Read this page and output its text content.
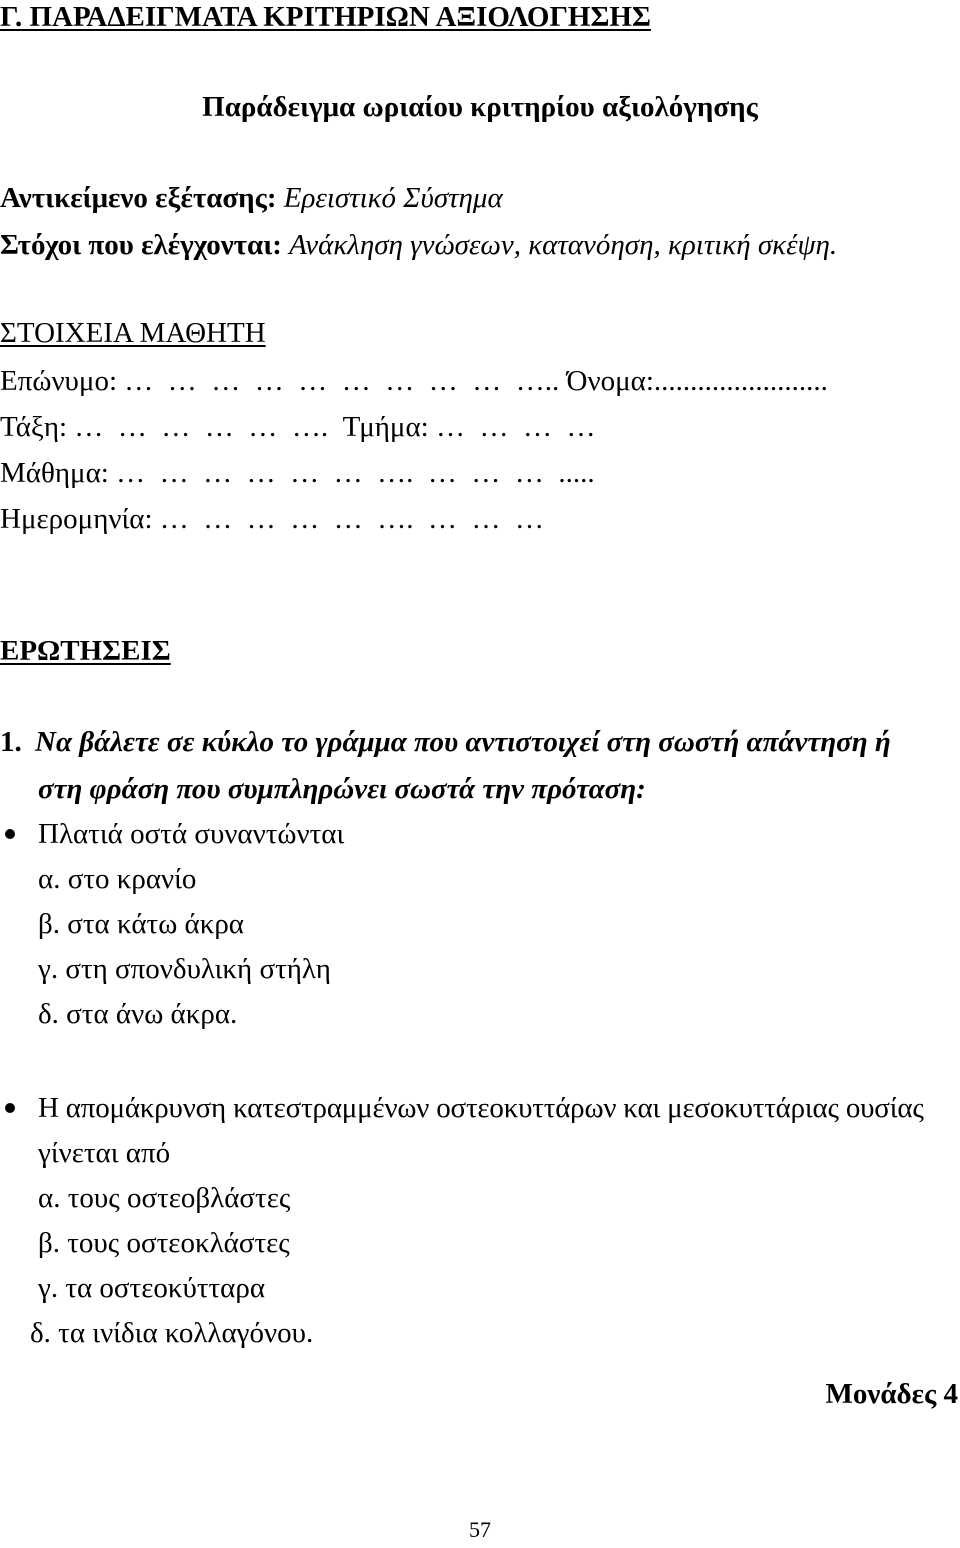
Γ. ΠΑΡΑΔΕΙΓΜΑΤΑ ΚΡΙΤΗΡΙΩΝ ΑΞΙΟΛΟΓΗΣΗΣ
Παράδειγμα ωριαίου κριτηρίου αξιολόγησης
Αντικείμενο εξέτασης: Ερειστικό Σύστημα
Στόχοι που ελέγχονται: Ανάκληση γνώσεων, κατανόηση, κριτική σκέψη.
ΣΤΟΙΧΕΙΑ ΜΑΘΗΤΗ
Επώνυμο: …  …  …  …  …  …  …  …  …  ….. Όνομα:........................
Τάξη: …  …  …  …  …  ….  Τμήμα: …  …  …  …
Μάθημα: …  …  …  …  …  …  ….  …  …  …  .....
Ημερομηνία: …  …  …  …  …  ….  …  …  …
ΕΡΩΤΗΣΕΙΣ
1. Να βάλετε σε κύκλο το γράμμα που αντιστοιχεί στη σωστή απάντηση ή
στη φράση που συμπληρώνει σωστά την πρόταση:
Πλατιά οστά συναντώνται
α. στο κρανίο
β. στα κάτω άκρα
γ. στη σπονδυλική στήλη
δ. στα άνω άκρα.
Η απομάκρυνση κατεστραμμένων οστεοκυττάρων και μεσοκυττάριας ουσίας
γίνεται από
α. τους οστεοβλάστες
β. τους οστεοκλάστες
γ. τα οστεοκύτταρα
δ. τα ινίδια κολλαγόνου.
Μονάδες 4
57
